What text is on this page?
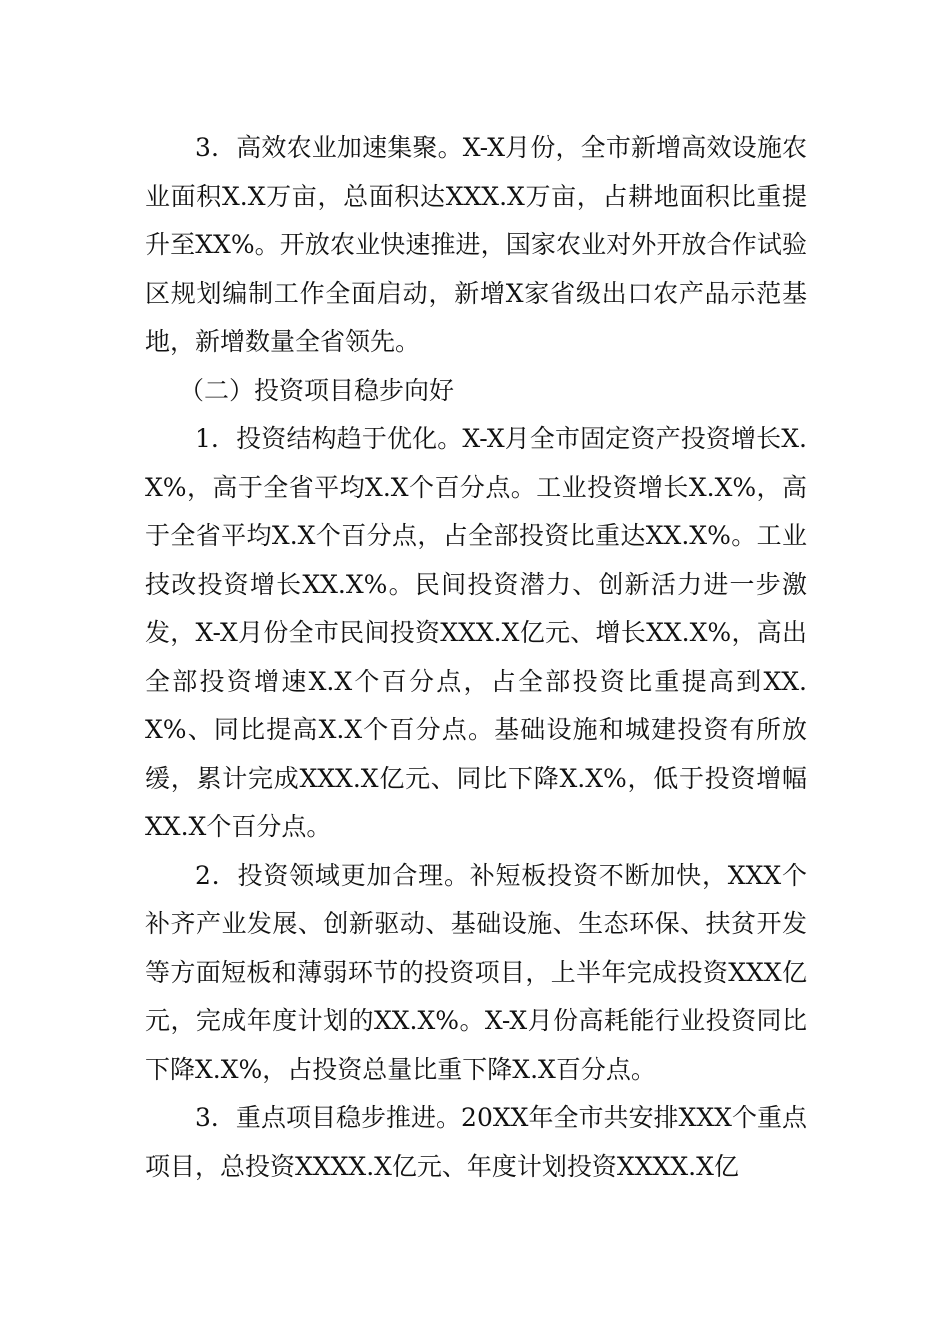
3．高效农业加速集聚。X-X月份，全市新增高效设施农业面积X.X万亩，总面积达XXX.X万亩，占耕地面积比重提升至XX%。开放农业快速推进，国家农业对外开放合作试验区规划编制工作全面启动，新增X家省级出口农产品示范基地，新增数量全省领先。

（二）投资项目稳步向好

1．投资结构趋于优化。X-X月全市固定资产投资增长X.X%，高于全省平均X.X个百分点。工业投资增长X.X%，高于全省平均X.X个百分点，占全部投资比重达XX.X%。工业技改投资增长XX.X%。民间投资潜力、创新活力进一步激发，X-X月份全市民间投资XXX.X亿元、增长XX.X%，高出全部投资增速X.X个百分点，占全部投资比重提高到XX.X%、同比提高X.X个百分点。基础设施和城建投资有所放缓，累计完成XXX.X亿元、同比下降X.X%，低于投资增幅XX.X个百分点。

2．投资领域更加合理。补短板投资不断加快，XXX个补齐产业发展、创新驱动、基础设施、生态环保、扶贫开发等方面短板和薄弱环节的投资项目，上半年完成投资XXX亿元，完成年度计划的XX.X%。X-X月份高耗能行业投资同比下降X.X%，占投资总量比重下降X.X百分点。

3．重点项目稳步推进。20XX年全市共安排XXX个重点项目，总投资XXXX.X亿元、年度计划投资XXXX.X亿
